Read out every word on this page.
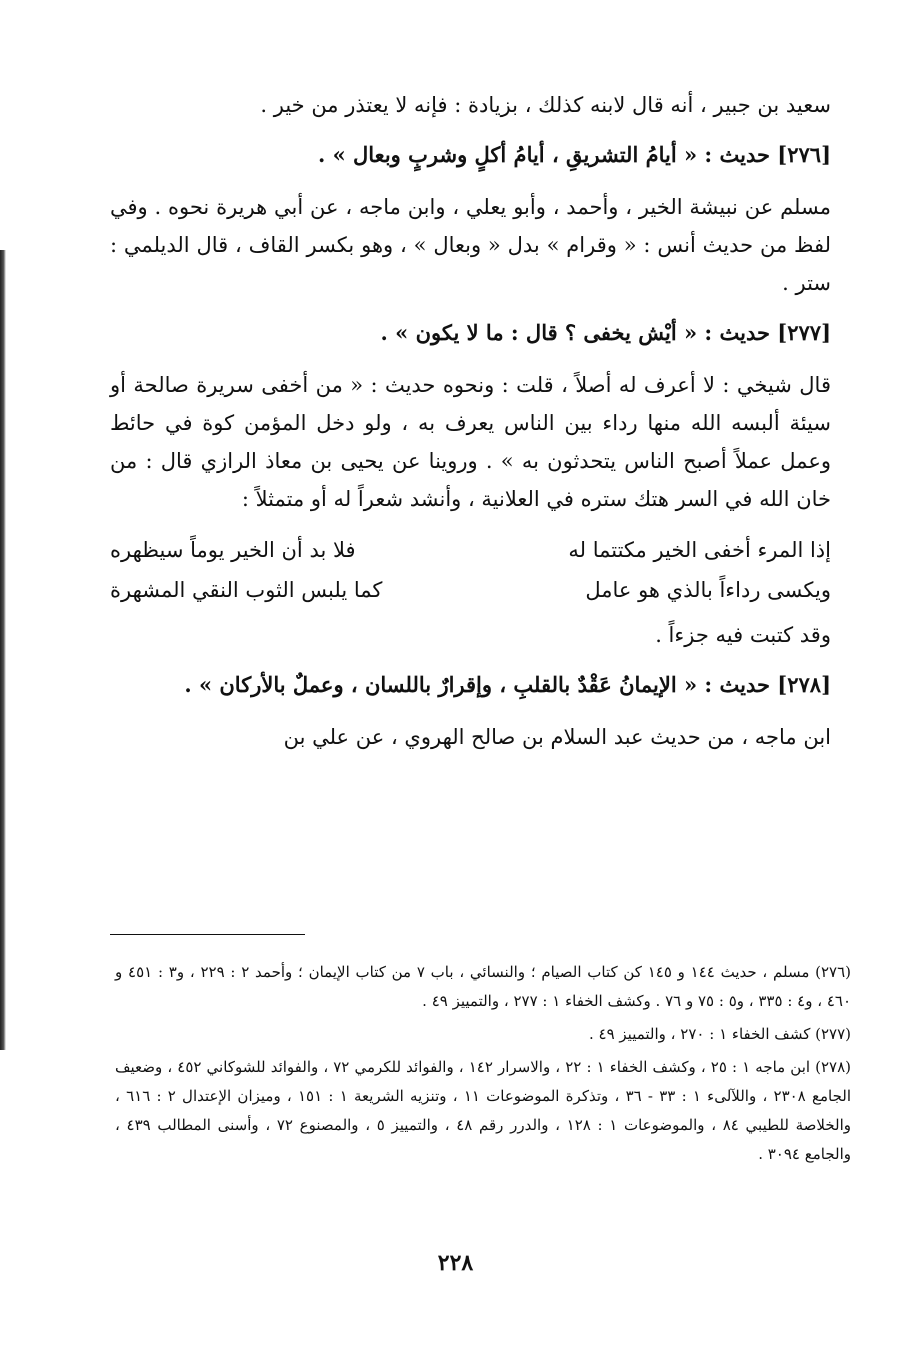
سعيد بن جبير ، أنه قال لابنه كذلك ، بزيادة : فإنه لا يعتذر من خير .

[٢٧٦] حديث : « أيامُ التشريقِ ، أيامُ أكلٍ وشربٍ وبعال » .

مسلم عن نبيشة الخير ، وأحمد ، وأبو يعلي ، وابن ماجه ، عن أبي هريرة نحوه . وفي لفظ من حديث أنس : « وقرام » بدل « وبعال » ، وهو بكسر القاف ، قال الديلمي : ستر .

[٢٧٧] حديث : « أيْش يخفى ؟ قال : ما لا يكون » .

قال شيخي : لا أعرف له أصلاً ، قلت : ونحوه حديث : « من أخفى سريرة صالحة أو سيئة ألبسه الله منها رداء بين الناس يعرف به ، ولو دخل المؤمن كوة في حائط وعمل عملاً أصبح الناس يتحدثون به » . وروينا عن يحيى بن معاذ الرازي قال : من خان الله في السر هتك ستره في العلانية ، وأنشد شعراً له أو متمثلاً :

إذا المرء أخفى الخير مكتتما له
فلا بد أن الخير يوماً سيظهره
ويكسى رداءاً بالذي هو عامل
كما يلبس الثوب النقي المشهرة

وقد كتبت فيه جزءاً .

[٢٧٨] حديث : « الإيمانُ عَقْدٌ بالقلبِ ، وإقرارٌ باللسان ، وعملٌ بالأركان » .

ابن ماجه ، من حديث عبد السلام بن صالح الهروي ، عن علي بن

(٢٧٦) مسلم ، حديث ١٤٤ و ١٤٥ كن كتاب الصيام ؛ والنسائي ، باب ٧ من كتاب الإيمان ؛ وأحمد ٢ : ٢٢٩ ، و٣ : ٤٥١ و ٤٦٠ ، و٤ : ٣٣٥ ، و٥ : ٧٥ و ٧٦ . وكشف الخفاء ١ : ٢٧٧ ، والتمييز ٤٩ .

(٢٧٧) كشف الخفاء ١ : ٢٧٠ ، والتمييز ٤٩ .

(٢٧٨) ابن ماجه ١ : ٢٥ ، وكشف الخفاء ١ : ٢٢ ، والاسرار ١٤٢ ، والفوائد للكرمي ٧٢ ، والفوائد للشوكاني ٤٥٢ ، وضعيف الجامع ٢٣٠٨ ، واللآلىء ١ : ٣٣ - ٣٦ ، وتذكرة الموضوعات ١١ ، وتنزيه الشريعة ١ : ١٥١ ، وميزان الإعتدال ٢ : ٦١٦ ، والخلاصة للطيبي ٨٤ ، والموضوعات ١ : ١٢٨ ، والدرر رقم ٤٨ ، والتمييز ٥ ، والمصنوع ٧٢ ، وأسنى المطالب ٤٣٩ ، والجامع ٣٠٩٤ .

٢٢٨
